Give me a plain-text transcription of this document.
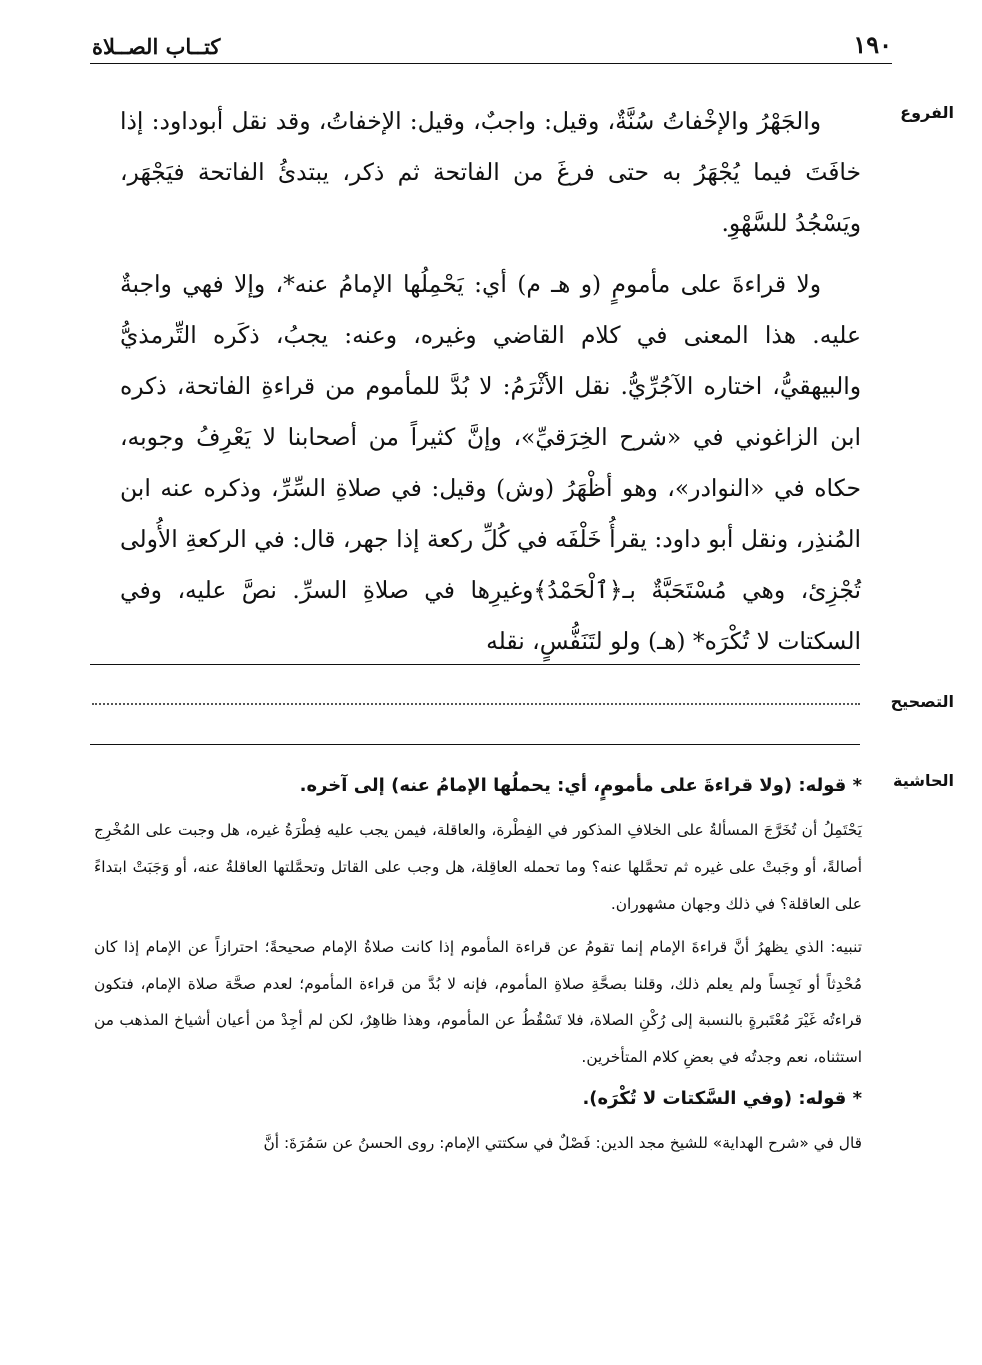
١٩٠
كتــاب الصــلاة
الفروع
التصحيح
الحاشية

والجَهْرُ والإخْفاتُ سُنَّةٌ، وقيل: واجبٌ، وقيل: الإخفاتُ، وقد نقل أبوداود: إذا خافَتَ فيما يُجْهَرُ به حتى فرغَ من الفاتحة ثم ذكر، يبتدئُ الفاتحة فيَجْهَر، ويَسْجُدُ للسَّهْوِ.

ولا قراءةَ على مأمومٍ (و هـ م) أي: يَحْمِلُها الإمامُ عنه*، وإلا فهي واجبةٌ عليه. هذا المعنى في كلام القاضي وغيره، وعنه: يجبُ، ذكَره التِّرمذيُّ والبيهقيُّ، اختاره الآجُرِّيُّ. نقل الأثْرَمُ: لا بُدَّ للمأموم من قراءةِ الفاتحة، ذكره ابن الزاغوني في «شرح الخِرَقيِّ»، وإنَّ كثيراً من أصحابنا لا يَعْرِفُ وجوبه، حكاه في «النوادر»، وهو أظْهَرُ (وش) وقيل: في صلاةِ السِّرِّ، وذكره عنه ابن المُنذِر، ونقل أبو داود: يقرأُ خَلْفَه في كُلِّ ركعة إذا جهر، قال: في الركعةِ الأُولى تُجْزِئ، وهي مُسْتَحَبَّةٌ بـ﴿ٱلْحَمْدُ﴾وغيرِها في صلاةِ السرِّ. نصَّ عليه، وفي السكتات لا تُكْرَه* (هـ) ولو لتَنَفُّسٍ، نقله

* قوله: (ولا قراءةَ على مأمومٍ، أي: يحملُها الإمامُ عنه) إلى آخره.
يَحْتَمِلُ أن تُخَرَّجَ المسألةُ على الخلافِ المذكور في الفِطْرة، والعاقلة، فيمن يجب عليه فِطْرَةُ غيره، هل وجبت على المُخْرِج أصالةً، أو وجَبتْ على غيره ثم تحمَّلها عنه؟ وما تحمله العاقِلة، هل وجب على القاتل وتحمَّلتها العاقلةُ عنه، أو وَجَبَتْ ابتداءً على العاقلة؟ في ذلك وجهان مشهوران.
تنبيه: الذي يظهرُ أنَّ قراءةَ الإمام إنما تقومُ عن قراءة المأموم إذا كانت صلاةُ الإمام صحيحةً؛ احترازاً عن الإمام إذا كان مُحْدِثاً أو نَجِساً ولم يعلم ذلك، وقلنا بصحَّةِ صلاةِ المأموم، فإنه لا بُدَّ من قراءة المأموم؛ لعدم صحَّة صلاة الإمام، فتكون قراءتُه غَيْرَ مُعْتَبرةٍ بالنسبة إلى رُكْنِ الصلاة، فلا تَسْقُطُ عن المأموم، وهذا ظاهِرٌ، لكن لم أجِدْ من أعيان أشياخ المذهب من استثناه، نعم وجدتُه في بعضِ كلام المتأخرين.
* قوله: (وفي السَّكتات لا تُكْرَه).
قال في «شرح الهداية» للشيخ مجد الدين: فَصْلٌ في سكتتي الإمام: روى الحسنُ عن سَمُرَةَ: أنَّ
